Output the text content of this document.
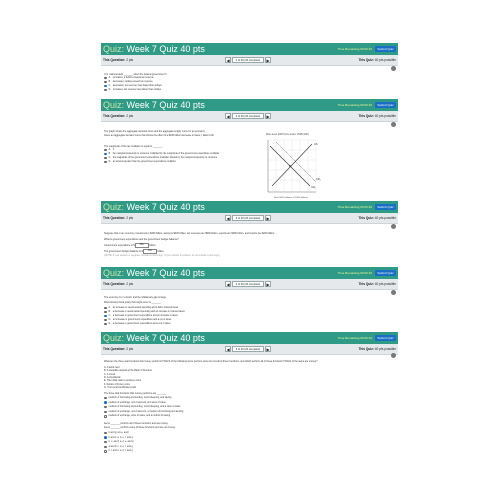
Quiz: Week 7 Quiz 40 pts	Time Remaining 00:53:16	Submit Quiz
This Question: 2 pts	◀	1 of 20 (20 complete)	▶	This Quiz: 40 pts possible
U.S. national debt _______ when the federal government h...
A. increases; a deficit exceeds tax revenue
B. decreases; outlays exceed tax revenue
C. decreases; tax revenue rises faster than outlays
D. increases; tax revenue rises faster than outlays
Quiz: Week 7 Quiz 40 pts	Time Remaining 00:53:16	Submit Quiz
This Question: 2 pts	◀	2 of 20 (20 complete)	▶	This Quiz: 40 pts possible
The graph shows the aggregate demand curve and the aggregate supply curve for an economy.
Given an aggregate demand curve that shows the effect of a $100 billion decrease in taxes, I label it AD.
The magnitude of the tax multiplier is equal to _______.
A. 1
B. the marginal propensity to consume multiplied by the magnitude of the government expenditure multiplier
C. the magnitude of the government expenditure multiplier divided by the marginal propensity to consume
D. an amount greater than the government expenditure multiplier
Price level (GDP price index, 2005=100)
AS
AD₀
AD₁
Real GDP (trillions of 2005 dollars)
Quiz: Week 7 Quiz 40 pts	Time Remaining 00:53:16	Submit Quiz
This Question: 2 pts	◀	3 of 20 (20 complete)	▶	This Quiz: 40 pts possible
Suppose that in an economy, investment is $400 billion, saving is $400 billion, tax revenues are $500 billion, exports are $300 billion, and imports are $200 billion.
What is government expenditure and the government budget balance?
Government expenditure is $ 500 billion.
The government budget balance is $ 100 billion.
(NOTE: If your answer is negative, include a minus sign. If your answer is positive, do not include a plus sign.)
Quiz: Week 7 Quiz 40 pts	Time Remaining 00:53:16	Submit Quiz
This Question: 2 pts	◀	4 of 20 (20 complete)	▶	This Quiz: 40 pts possible
The economy is in a boom and the inflationary gap is large.
Discretionary fiscal policy that might occur is _______.
A. an increase in needs-tested spending and a fall in induced taxes
B. a decrease in needs-tested spending and an increase in induced taxes
C. a decrease in government expenditure and an increase in taxes
D. an increase in government expenditure and a cut in taxes
E. a decrease in government expenditure and a cut in taxes
Quiz: Week 7 Quiz 40 pts	Time Remaining 00:53:16	Submit Quiz
This Question: 2 pts	◀	5 of 20 (20 complete)	▶	This Quiz: 40 pts possible
What are the three vital functions that money performs? Which of the following items perform some but not all of these functions, and which perform all of these functions? Which of the items are money?
A. A debit card
B. A canadian deposit at the Bank of America
C. A check
D. A checkbook
E. The initial cash to produce coins
F. Stocks of frozen coins
G. Your local Certificate bonds
The three vital functions that money performs are _______.
medium of borrowing and lending, record keeping, and saving
medium of exchange, unit of account, and store of value
medium of borrowing and lending, record keeping, and a store of value
medium of exchange, unit of account, a medium of borrowing and lending
medium of exchange, store of value, and a method of saving
Items _______ perform all of these functions and are money.
Items _______ perform some of these functions and are not money.
b and g; a,b,e, and f
b and c; a, d, e, f, and g
b, c, and f; a, d, e, and g
a and b; c, d, e, f, and g
b, c and e; a, d, f, and g
